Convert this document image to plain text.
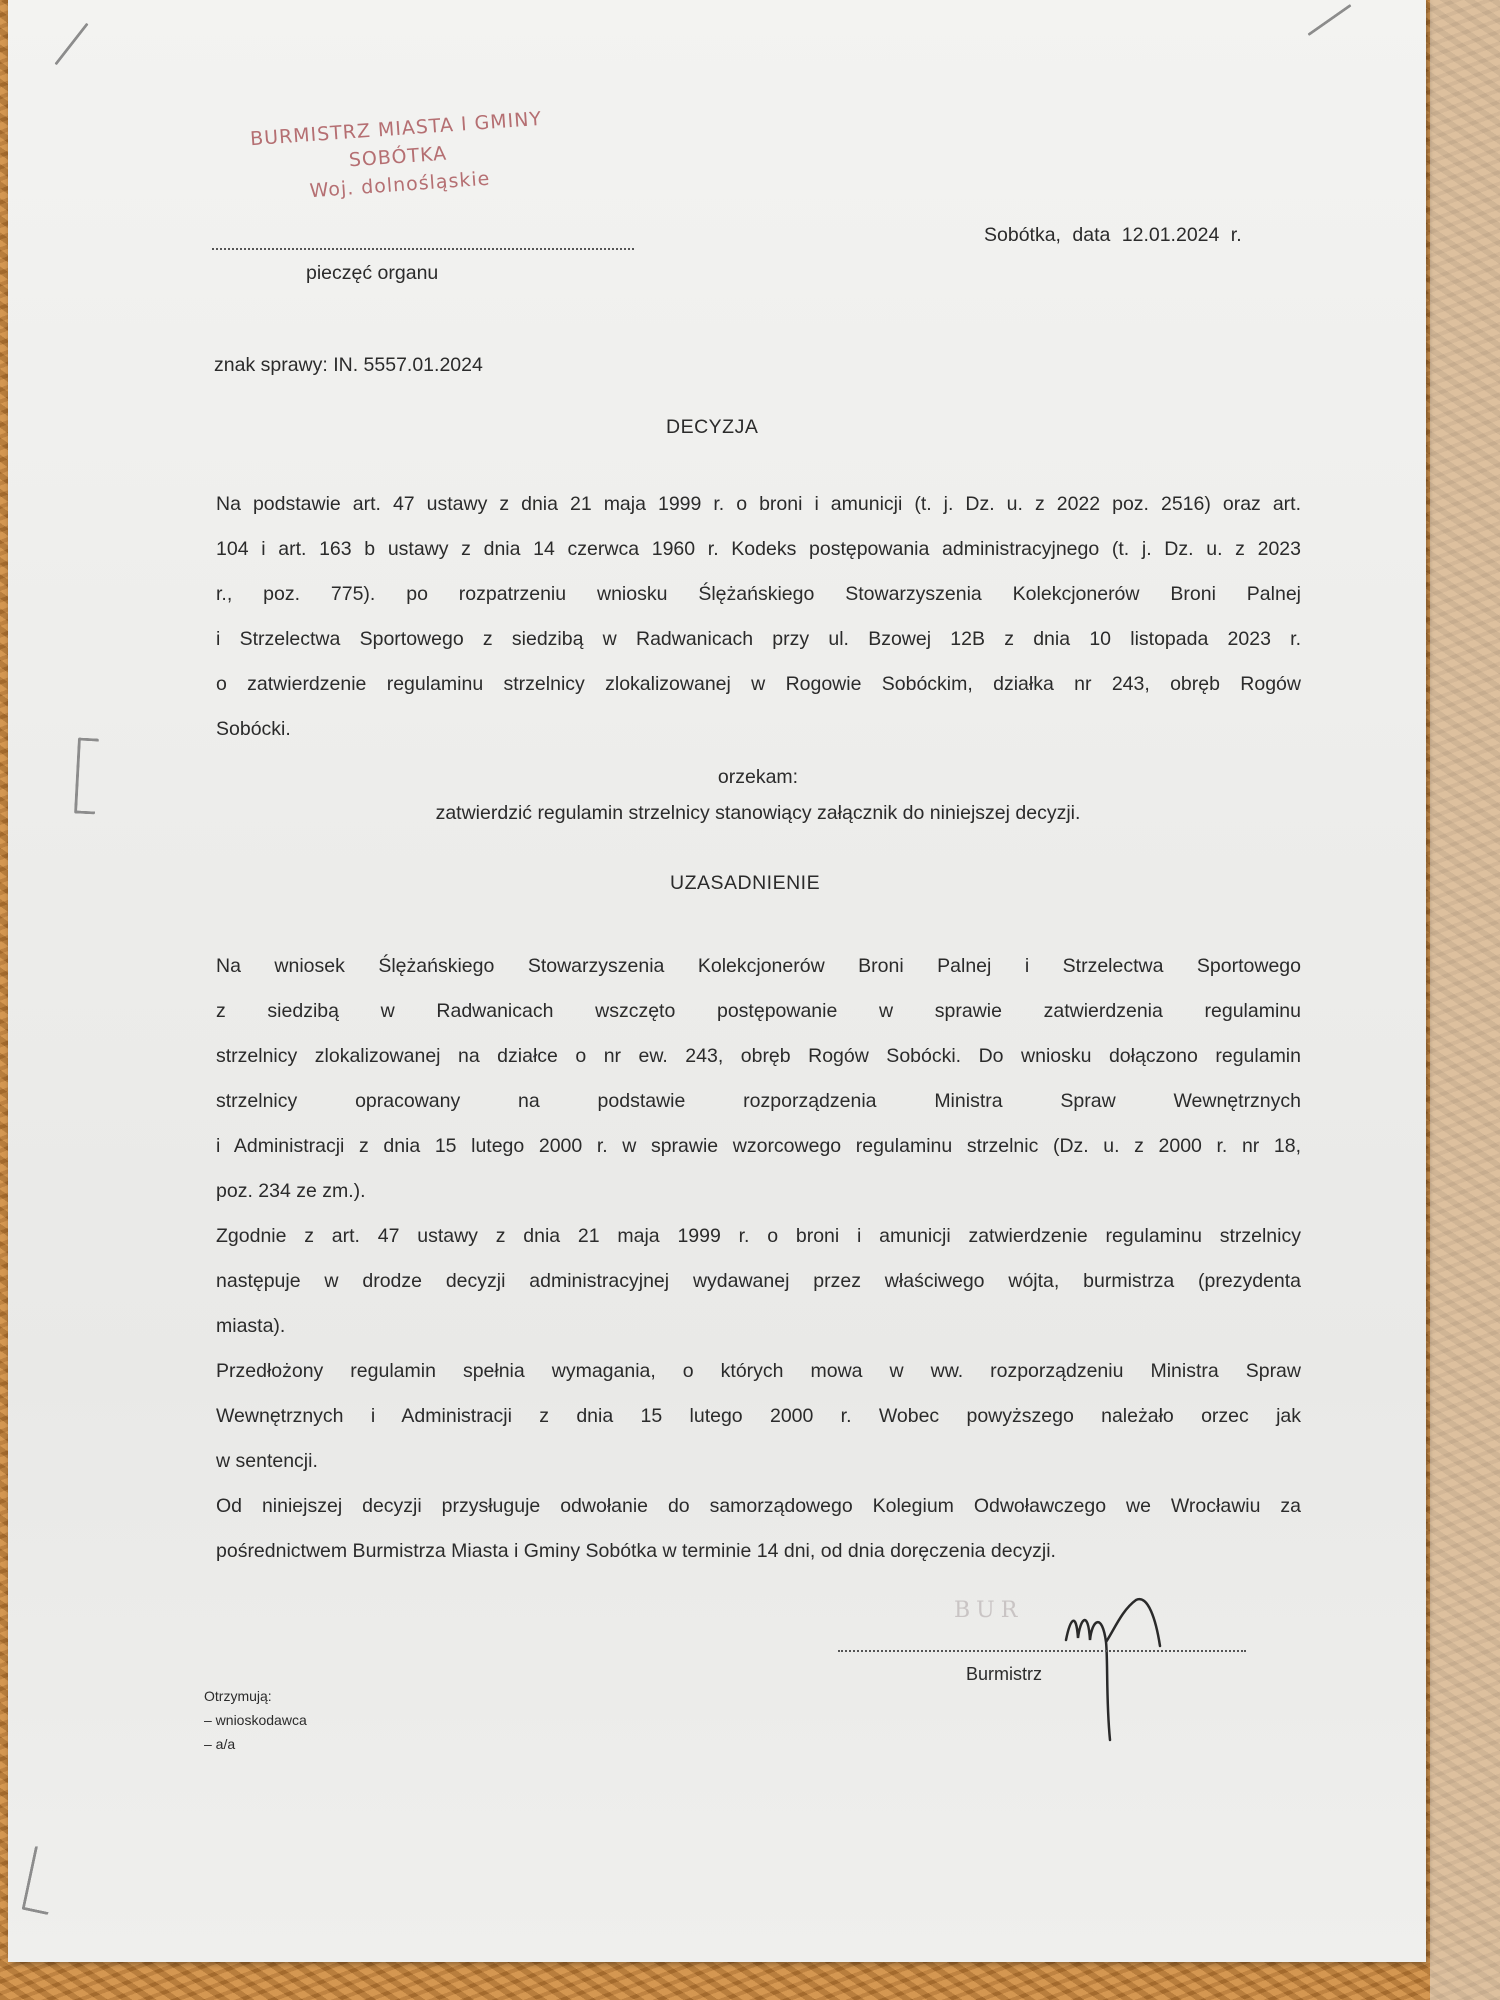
BURMISTRZ MIASTA I GMINY
SOBÓTKA
Woj. dolnośląskie
pieczęć organu
Sobótka, data 12.01.2024 r.
znak sprawy: IN. 5557.01.2024
DECYZJA
Na podstawie art. 47 ustawy z dnia 21 maja 1999 r. o broni i amunicji (t. j. Dz. u. z 2022 poz. 2516) oraz art.
104 i art. 163 b ustawy z dnia 14 czerwca 1960 r. Kodeks postępowania administracyjnego (t. j. Dz. u. z 2023
r., poz. 775). po rozpatrzeniu wniosku Ślężańskiego Stowarzyszenia Kolekcjonerów Broni Palnej
i Strzelectwa Sportowego z siedzibą w Radwanicach przy ul. Bzowej 12B z dnia 10 listopada 2023 r.
o zatwierdzenie regulaminu strzelnicy zlokalizowanej w Rogowie Sobóckim, działka nr 243, obręb Rogów
Sobócki.
orzekam:
zatwierdzić regulamin strzelnicy stanowiący załącznik do niniejszej decyzji.
UZASADNIENIE
Na wniosek Ślężańskiego Stowarzyszenia Kolekcjonerów Broni Palnej i Strzelectwa Sportowego
z siedzibą w Radwanicach wszczęto postępowanie w sprawie zatwierdzenia regulaminu
strzelnicy zlokalizowanej na działce o nr ew. 243, obręb Rogów Sobócki. Do wniosku dołączono regulamin
strzelnicy opracowany na podstawie rozporządzenia Ministra Spraw Wewnętrznych
i Administracji z dnia 15 lutego 2000 r. w sprawie wzorcowego regulaminu strzelnic (Dz. u. z 2000 r. nr 18,
poz. 234 ze zm.).
Zgodnie z art. 47 ustawy z dnia 21 maja 1999 r. o broni i amunicji zatwierdzenie regulaminu strzelnicy
następuje w drodze decyzji administracyjnej wydawanej przez właściwego wójta, burmistrza (prezydenta
miasta).
Przedłożony regulamin spełnia wymagania, o których mowa w ww. rozporządzeniu Ministra Spraw
Wewnętrznych i Administracji z dnia 15 lutego 2000 r. Wobec powyższego należało orzec jak
w sentencji.
Od niniejszej decyzji przysługuje odwołanie do samorządowego Kolegium Odwoławczego we Wrocławiu za
pośrednictwem Burmistrza Miasta i Gminy Sobótka w terminie 14 dni, od dnia doręczenia decyzji.
BUR
Burmistrz
Otrzymują:
– wnioskodawca
– a/a
